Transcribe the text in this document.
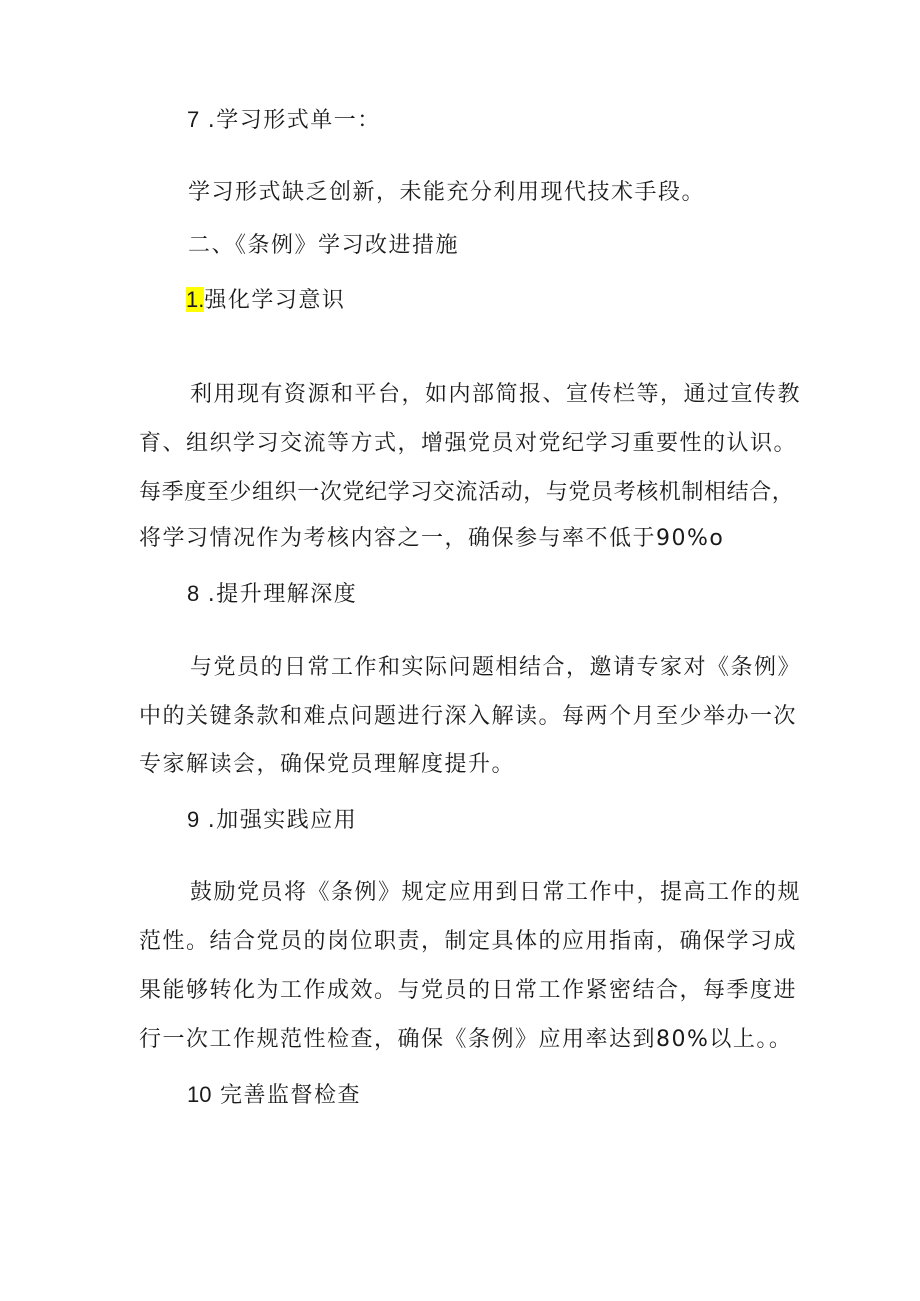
7 .学习形式单一：
学习形式缺乏创新，未能充分利用现代技术手段。
二、《条例》学习改进措施
1.强化学习意识
利用现有资源和平台，如内部简报、宣传栏等，通过宣传教
育、组织学习交流等方式，增强党员对党纪学习重要性的认识。
每季度至少组织一次党纪学习交流活动，与党员考核机制相结合，
将学习情况作为考核内容之一，确保参与率不低于90%o
8 .提升理解深度
与党员的日常工作和实际问题相结合，邀请专家对《条例》
中的关键条款和难点问题进行深入解读。每两个月至少举办一次
专家解读会，确保党员理解度提升。
9 .加强实践应用
鼓励党员将《条例》规定应用到日常工作中，提高工作的规
范性。结合党员的岗位职责，制定具体的应用指南，确保学习成
果能够转化为工作成效。与党员的日常工作紧密结合，每季度进
行一次工作规范性检查，确保《条例》应用率达到80%以上。。
10 完善监督检查
